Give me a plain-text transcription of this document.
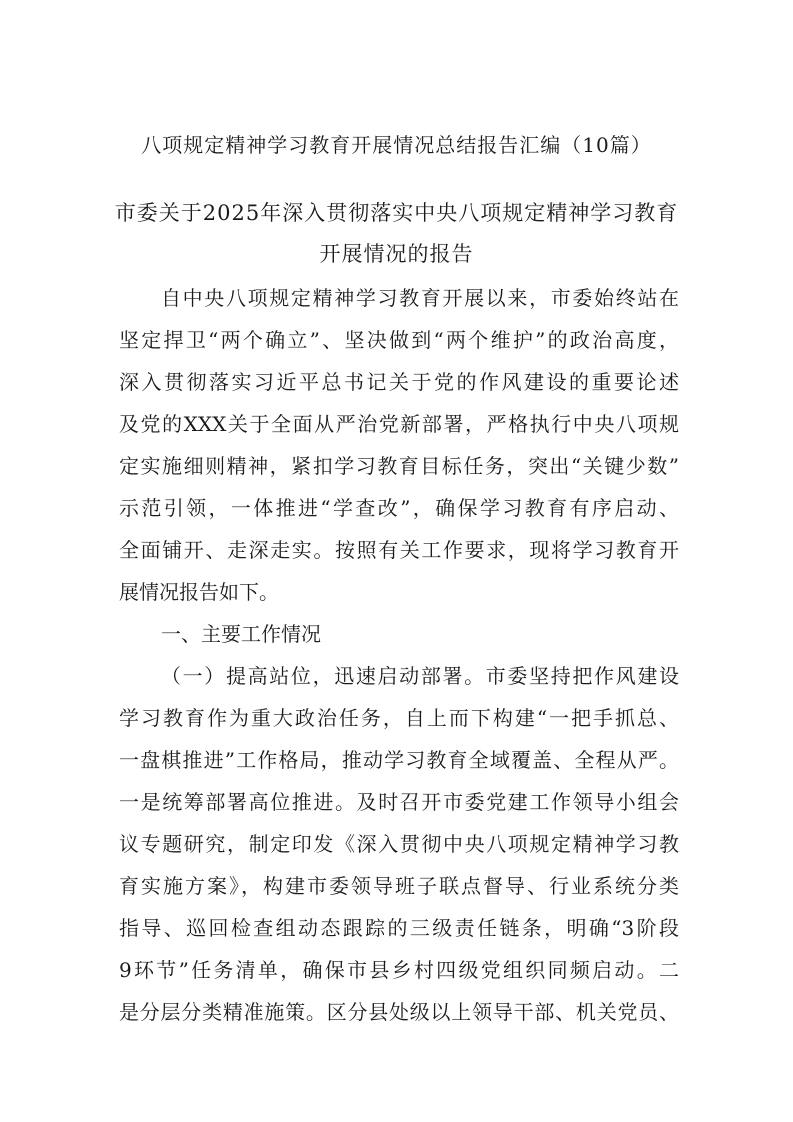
八项规定精神学习教育开展情况总结报告汇编（10篇）
市委关于2025年深入贯彻落实中央八项规定精神学习教育
开展情况的报告
自中央八项规定精神学习教育开展以来，市委始终站在
坚定捍卫“两个确立”、坚决做到“两个维护”的政治高度，
深入贯彻落实习近平总书记关于党的作风建设的重要论述
及党的XXX关于全面从严治党新部署，严格执行中央八项规
定实施细则精神，紧扣学习教育目标任务，突出“关键少数”
示范引领，一体推进“学查改”，确保学习教育有序启动、
全面铺开、走深走实。按照有关工作要求，现将学习教育开
展情况报告如下。
一、主要工作情况
（一）提高站位，迅速启动部署。市委坚持把作风建设
学习教育作为重大政治任务，自上而下构建“一把手抓总、
一盘棋推进”工作格局，推动学习教育全域覆盖、全程从严。
一是统筹部署高位推进。及时召开市委党建工作领导小组会
议专题研究，制定印发《深入贯彻中央八项规定精神学习教
育实施方案》，构建市委领导班子联点督导、行业系统分类
指导、巡回检查组动态跟踪的三级责任链条，明确“3阶段
9环节”任务清单，确保市县乡村四级党组织同频启动。二
是分层分类精准施策。区分县处级以上领导干部、机关党员、
